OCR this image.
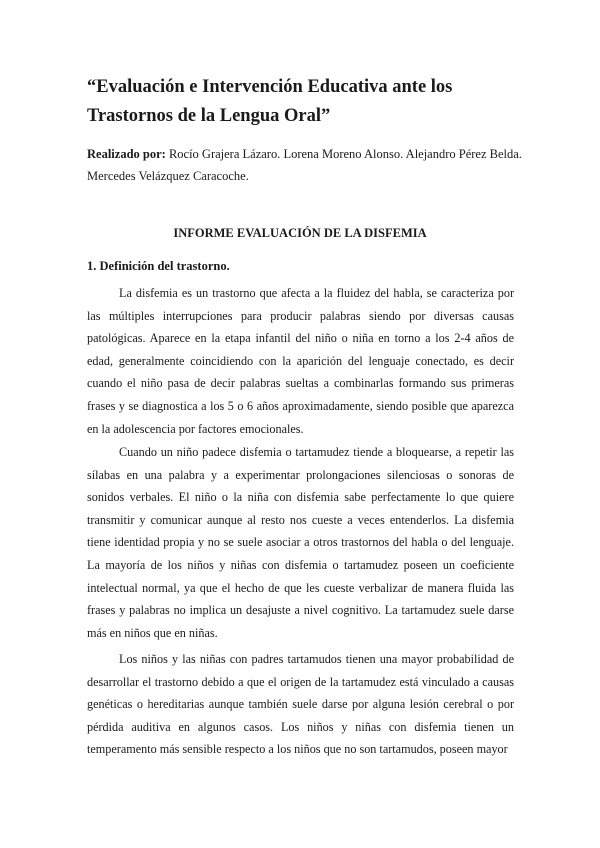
“Evaluación e Intervención Educativa ante los
Trastornos de la Lengua Oral”

Realizado por: Rocío Grajera Lázaro. Lorena Moreno Alonso. Alejandro Pérez Belda. Mercedes Velázquez Caracoche.

INFORME EVALUACIÓN DE LA DISFEMIA
1. Definición del trastorno.

La disfemia es un trastorno que afecta a la fluidez del habla, se caracteriza por las múltiples interrupciones para producir palabras siendo por diversas causas patológicas. Aparece en la etapa infantil del niño o niña en torno a los 2-4 años de edad, generalmente coincidiendo con la aparición del lenguaje conectado, es decir cuando el niño pasa de decir palabras sueltas a combinarlas formando sus primeras frases y se diagnostica a los 5 o 6 años aproximadamente, siendo posible que aparezca en la adolescencia por factores emocionales.

Cuando un niño padece disfemia o tartamudez tiende a bloquearse, a repetir las sílabas en una palabra y a experimentar prolongaciones silenciosas o sonoras de sonidos verbales. El niño o la niña con disfemia sabe perfectamente lo que quiere transmitir y comunicar aunque al resto nos cueste a veces entenderlos. La disfemia tiene identidad propia y no se suele asociar a otros trastornos del habla o del lenguaje. La mayoría de los niños y niñas con disfemia o tartamudez poseen un coeficiente intelectual normal, ya que el hecho de que les cueste verbalizar de manera fluida las frases y palabras no implica un desajuste a nivel cognitivo. La tartamudez suele darse más en niños que en niñas.

Los niños y las niñas con padres tartamudos tienen una mayor probabilidad de desarrollar el trastorno debido a que el origen de la tartamudez está vinculado a causas genéticas o hereditarias aunque también suele darse por alguna lesión cerebral o por pérdida auditiva en algunos casos. Los niños y niñas con disfemia tienen un temperamento más sensible respecto a los niños que no son tartamudos, poseen mayor
